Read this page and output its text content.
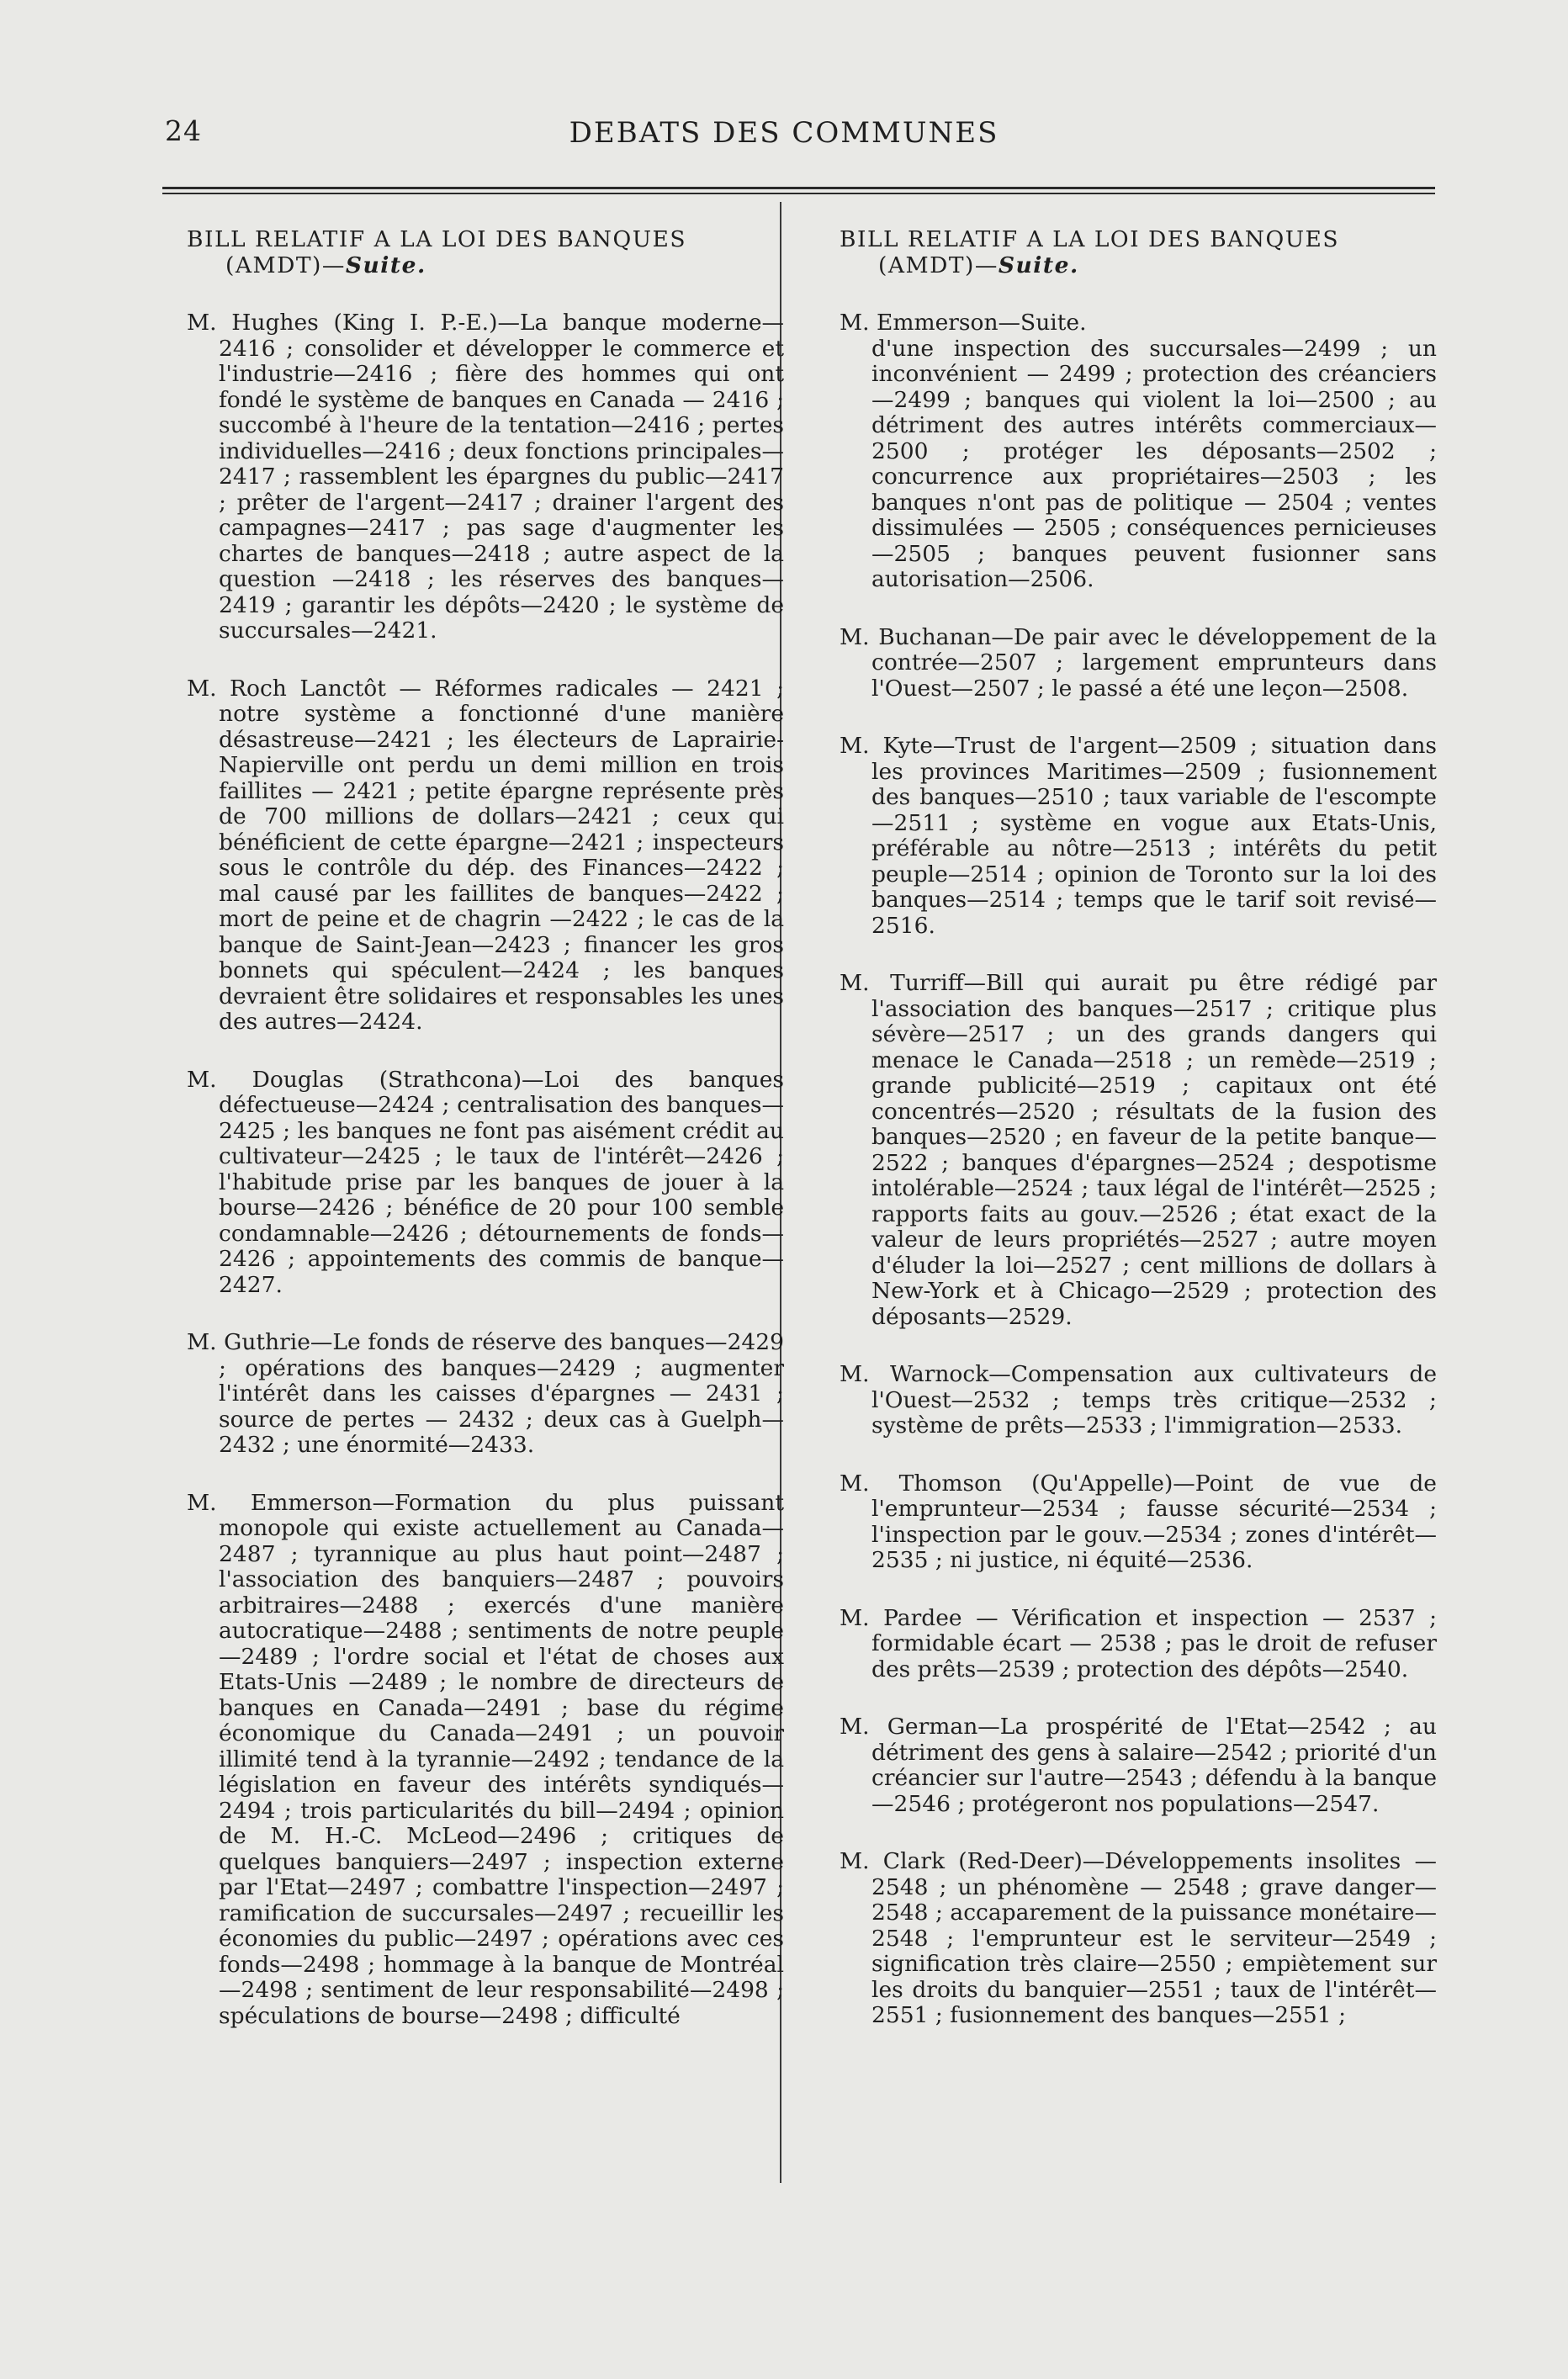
24	DEBATS DES COMMUNES
BILL RELATIF A LA LOI DES BANQUES (AMDT)—Suite.

M. Hughes (King I. P.-E.)—La banque moderne—2416 ; consolider et développer le commerce et l'industrie—2416 ; fière des hommes qui ont fondé le système de banques en Canada — 2416 ; succombé à l'heure de la tentation—2416 ; pertes individuelles—2416 ; deux fonctions principales—2417 ; rassemblent les épargnes du public—2417 ; prêter de l'argent—2417 ; drainer l'argent des campagnes—2417 ; pas sage d'augmenter les chartes de banques—2418 ; autre aspect de la question —2418 ; les réserves des banques—2419 ; garantir les dépôts—2420 ; le système de succursales—2421.

M. Roch Lanctôt — Réformes radicales — 2421 ; notre système a fonctionné d'une manière désastreuse—2421 ; les électeurs de Laprairie-Napierville ont perdu un demi million en trois faillites — 2421 ; petite épargne représente près de 700 millions de dollars—2421 ; ceux qui bénéficient de cette épargne—2421 ; inspecteurs sous le contrôle du dép. des Finances—2422 ; mal causé par les faillites de banques—2422 ; mort de peine et de chagrin —2422 ; le cas de la banque de Saint-Jean—2423 ; financer les gros bonnets qui spéculent—2424 ; les banques devraient être solidaires et responsables les unes des autres—2424.

M. Douglas (Strathcona)—Loi des banques défectueuse—2424 ; centralisation des banques—2425 ; les banques ne font pas aisément crédit au cultivateur—2425 ; le taux de l'intérêt—2426 ; l'habitude prise par les banques de jouer à la bourse—2426 ; bénéfice de 20 pour 100 semble condamnable—2426 ; détournements de fonds—2426 ; appointements des commis de banque—2427.

M. Guthrie—Le fonds de réserve des banques—2429 ; opérations des banques—2429 ; augmenter l'intérêt dans les caisses d'épargnes — 2431 ; source de pertes — 2432 ; deux cas à Guelph—2432 ; une énormité—2433.

M. Emmerson—Formation du plus puissant monopole qui existe actuellement au Canada—2487 ; tyrannique au plus haut point—2487 ; l'association des banquiers—2487 ; pouvoirs arbitraires—2488 ; exercés d'une manière autocratique—2488 ; sentiments de notre peuple—2489 ; l'ordre social et l'état de choses aux Etats-Unis —2489 ; le nombre de directeurs de banques en Canada—2491 ; base du régime économique du Canada—2491 ; un pouvoir illimité tend à la tyrannie—2492 ; tendance de la législation en faveur des intérêts syndiqués—2494 ; trois particularités du bill—2494 ; opinion de M. H.-C. McLeod—2496 ; critiques de quelques banquiers—2497 ; inspection externe par l'Etat—2497 ; combattre l'inspection—2497 ; ramification de succursales—2497 ; recueillir les économies du public—2497 ; opérations avec ces fonds—2498 ; hommage à la banque de Montréal—2498 ; sentiment de leur responsabilité—2498 ; spéculations de bourse—2498 ; difficulté

BILL RELATIF A LA LOI DES BANQUES (AMDT)—Suite.

M. Emmerson—Suite.

d'une inspection des succursales—2499 ; un inconvénient — 2499 ; protection des créanciers—2499 ; banques qui violent la loi—2500 ; au détriment des autres intérêts commerciaux—2500 ; protéger les déposants—2502 ; concurrence aux propriétaires—2503 ; les banques n'ont pas de politique — 2504 ; ventes dissimulées — 2505 ; conséquences pernicieuses—2505 ; banques peuvent fusionner sans autorisation—2506.

M. Buchanan—De pair avec le développement de la contrée—2507 ; largement emprunteurs dans l'Ouest—2507 ; le passé a été une leçon—2508.

M. Kyte—Trust de l'argent—2509 ; situation dans les provinces Maritimes—2509 ; fusionnement des banques—2510 ; taux variable de l'escompte—2511 ; système en vogue aux Etats-Unis, préférable au nôtre—2513 ; intérêts du petit peuple—2514 ; opinion de Toronto sur la loi des banques—2514 ; temps que le tarif soit revisé—2516.

M. Turriff—Bill qui aurait pu être rédigé par l'association des banques—2517 ; critique plus sévère—2517 ; un des grands dangers qui menace le Canada—2518 ; un remède—2519 ; grande publicité—2519 ; capitaux ont été concentrés—2520 ; résultats de la fusion des banques—2520 ; en faveur de la petite banque—2522 ; banques d'épargnes—2524 ; despotisme intolérable—2524 ; taux légal de l'intérêt—2525 ; rapports faits au gouv.—2526 ; état exact de la valeur de leurs propriétés—2527 ; autre moyen d'éluder la loi—2527 ; cent millions de dollars à New-York et à Chicago—2529 ; protection des déposants—2529.

M. Warnock—Compensation aux cultivateurs de l'Ouest—2532 ; temps très critique—2532 ; système de prêts—2533 ; l'immigration—2533.

M. Thomson (Qu'Appelle)—Point de vue de l'emprunteur—2534 ; fausse sécurité—2534 ; l'inspection par le gouv.—2534 ; zones d'intérêt—2535 ; ni justice, ni équité—2536.

M. Pardee — Vérification et inspection — 2537 ; formidable écart — 2538 ; pas le droit de refuser des prêts—2539 ; protection des dépôts—2540.

M. German—La prospérité de l'Etat—2542 ; au détriment des gens à salaire—2542 ; priorité d'un créancier sur l'autre—2543 ; défendu à la banque—2546 ; protégeront nos populations—2547.

M. Clark (Red-Deer)—Développements insolites — 2548 ; un phénomène — 2548 ; grave danger—2548 ; accaparement de la puissance monétaire—2548 ; l'emprunteur est le serviteur—2549 ; signification très claire—2550 ; empiètement sur les droits du banquier—2551 ; taux de l'intérêt—2551 ; fusionnement des banques—2551 ;
